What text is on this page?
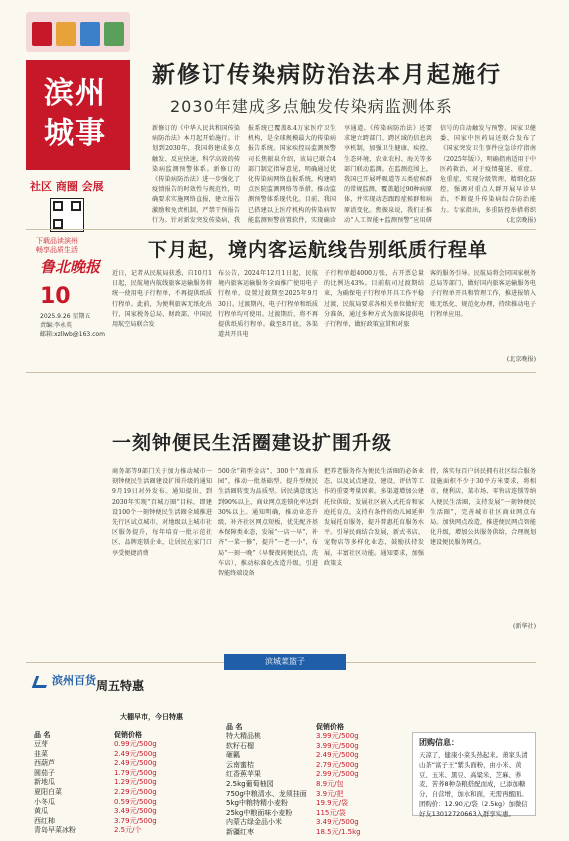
滨州
城事
社区 商圈 会展
下载品读滨州
畅享品质生活
鲁北晚报
10
2025.9.26 星期五
责编:李永英
邮箱:xzllwb@163.com
新修订传染病防治法本月起施行
2030年建成多点触发传染病监测体系
新修订的《中华人民共和国传染病防治法》本月起开始施行。计划到2030年，我国将建成多点触发、反应快速、科学高效的传染病监测预警体系。新修订的《传染病防治法》进一步强化了疫情报告的时效性与规范性，明确要求实施网络直报，建立报告激励和免责机制，严禁干预报告行为。针对新发突发传染病，我
报系统已覆盖8.4万家医疗卫生机构，是全球规模最大的传染病报告系统。国家疾控局监测预警司长焦振泉介绍，该局已联合4部门制定指导意见，明确通过优化传染病网络直报系统，构建哨点医院监测网络等举措，推动监测预警体系现代化。目前，我国已搭建以上医疗机构的传染病智能监测预警前置软件，实现确诊
享通道。《传染病防治法》还要求建立跨部门、跨区域的信息共享机制，加强卫生健康、疾控、生态环境、农业农村、海关等多部门联动监测。在监测范围上，我国已开展呼吸道等五类症候群的常规监测，覆盖超过90种病原体，并实现动态跟踪症候群和病原谱变化。焦振泉说，我们正推动“人工智能+监测预警”应用研
信号的自动触发与预警。国家卫健委、国家中医药局还联合发布了《国家突发卫生事件应急诊疗指南（2025年版）》，明确指南适用于中医药救治，对于疫情蔓延、重症、危重症，实现分级管理、精细化防控，强调对重点人群开展早诊早治，不断提升传染病综合防治能力。专家指出，多重防控举措将织
(北京晚报)
下月起，境内客运航线告别纸质行程单
近日，记者从民航局获悉，自10月1日起，民航境内航线旅客运输服务将统一使用电子行程单，不再提供纸质行程单。此前，为便利旅客无纸化出行，国家税务总局、财政部、中国民用航空局联合发
布公告，2024年12月1日起，民航境内旅客运输服务全面推广使用电子行程单，设置过渡期至2025年9月30日。过渡期内，电子行程单和纸质行程单均可使用。过渡期后，将不再提供纸质行程单。截至8月底，各渠道共开具电
子行程单超4000万张，占开票总量的比例达43%。目前航司过渡期结束，为确保电子行程单开具工作平稳过渡，民航局要求各相关单位做好充分准备，通过多种方式为旅客提供电子行程单，做好政策宣贯和对旅
客的服务引导。民航局将会同国家税务总局等部门，做好国内旅客运输服务电子行程单开具和管理工作，推进报销入账无纸化、规范化办理，持续推动电子行程单应用。
(北京晚报)
一刻钟便民生活圈建设扩围升级
商务部等9部门关于加力推动城市一刻钟便民生活圈建设扩围升级的通知9月19日对外发布。通知提出，到2030年实现“百城万圈”目标，即建设100个一刻钟便民生活圈全域推进先行区试点城市，对地级以上城市社区服务提升，每年培育一批示范社区、品牌连锁企业，让居民在家门口享受便捷消费
500余“箱型金店”、300个“盈商乐园”，推动一批基础型、提升型便民生活圈转变为品质型。居民满意度达到90%以上，商业网点连锁化率达到30%以上。通知明确，推动业态升级，补齐社区网点短板，优先配齐基本保障类业态，发展“一店一早”，补齐“一菜一修”，提升“一老一小”，布局“一刻一晚”（早餐夜间便民点，洗车店），推动标准化改造升级，引进智能终端设备
把养老服务作为便民生活圈的必备业态，以及试点建设、建设、评估等工作的重要考量因素。多渠道增加公建托位供给，发展社区嵌入式托育和家庭托育点，支持有条件的幼儿园延伸发展托育服务，提升普惠托育服务水平。引导民商结合发展，新式书店、宠物店等多样化业态，鼓励扶持发展，丰富社区功能。通知要求，加强政策支
持，落实每百户居民拥有社区综合服务设施面积不少于30平方米要求，将相市，便利店、菜市场、零售店连锁等纳入便民生活圈，支持发展“一刻钟便民生活圈”，完善城市社区商业网点布局。加快网点改造，推进便民网点智能化升级，增加公共服务供给，合理规划建设便民服务网点。
(新华社)
滨城菜篮子
滨州百货 周五特惠
大棚早市，今日特惠
品 名	促销价格
品 名	促销价格
豆芽
韭菜
西葫芦
圆茄子
新地瓜
夏阳白菜
小冬瓜
黄瓜
西红柿
青岛早菜冰粉
0.99元/500g
2.49元/500g
2.49元/500g
1.79元/500g
1.29元/500g
2.29元/500g
0.59元/500g
3.49元/500g
3.79元/500g
2.5元/个
特大精品桃
软籽石榴
砸瓤
云南蜜桔
红香蕉苹果
2.5kg葡萄柚园
750g中粮清水、龙须挂面
5kg中粮特精小麦粉
25kg中粮面味小麦粉
内蒙古绿金品小米
新疆红枣
3.99元/500g
3.99元/500g
2.49元/500g
2.79元/500g
2.99元/500g
8.9元/包
3.9元/把
19.9元/袋
115元/袋
3.49元/500g
18.5元/1.5kg
团购信息：
天凉了，健康小菜头热起来。萧家头清山茶“富子王”紫头面粉，由小米、黄豆、玉米、黑豆、高粱米、芝麻、荞麦、苦荞8种杂粮搭配而成，已添加糖分，自营增，加水和面，无需再醒面。团购价：12.90元/袋（2.5kg）加微信好友13012720663入群享实惠。
